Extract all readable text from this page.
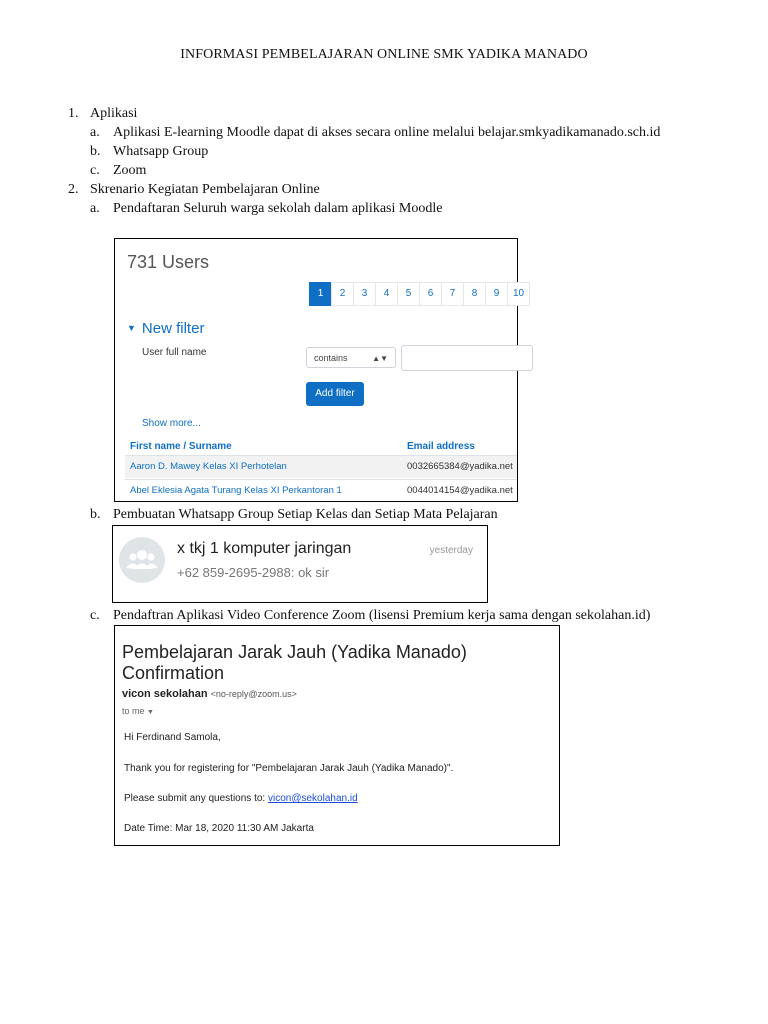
INFORMASI PEMBELAJARAN ONLINE SMK YADIKA MANADO
1. Aplikasi
a. Aplikasi E-learning Moodle dapat di akses secara online melalui belajar.smkyadikamanado.sch.id
b. Whatsapp Group
c. Zoom
2. Skrenario Kegiatan Pembelajaran Online
a. Pendaftaran Seluruh warga sekolah dalam aplikasi Moodle
731 Users
1	2	3	4	5	6	7	8	9	10
▼ New filter
User full name	contains	▲▼
Add filter
Show more...
First name / Surname	Email address
Aaron D. Mawey Kelas XI Perhotelan	0032665384@yadika.net
Abel Eklesia Agata Turang Kelas XI Perkantoran 1	0044014154@yadika.net
b. Pembuatan Whatsapp Group Setiap Kelas dan Setiap Mata Pelajaran
x tkj 1 komputer jaringan
+62 859-2695-2988: ok sir
yesterday
c. Pendaftran Aplikasi Video Conference Zoom (lisensi Premium kerja sama dengan sekolahan.id)
Pembelajaran Jarak Jauh (Yadika Manado) Confirmation
vicon sekolahan <no-reply@zoom.us>
to me ▼
Hi Ferdinand Samola,
Thank you for registering for "Pembelajaran Jarak Jauh (Yadika Manado)".
Please submit any questions to: vicon@sekolahan.id
Date Time: Mar 18, 2020 11:30 AM Jakarta
